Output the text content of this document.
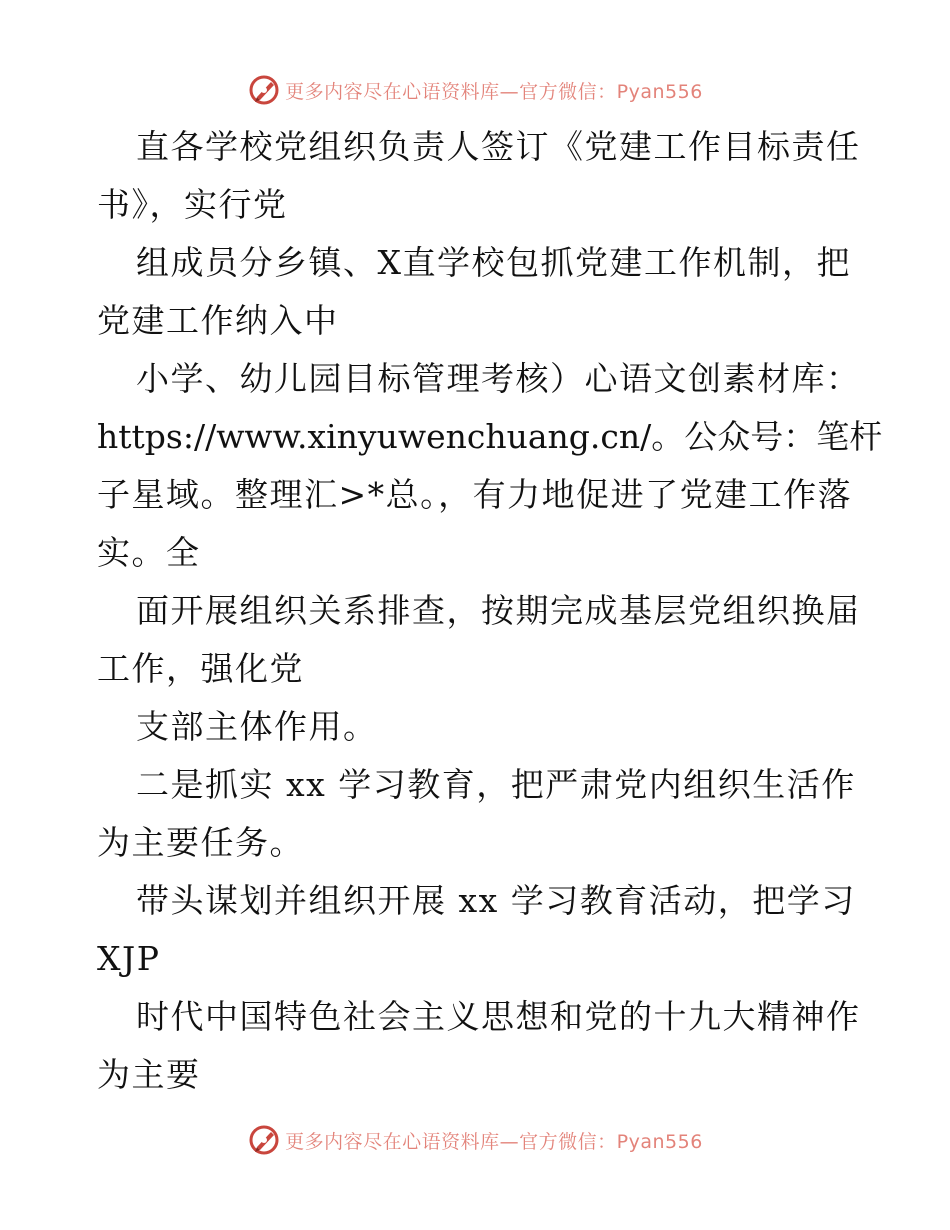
更多内容尽在心语资料库—官方微信：Pyan556
直各学校党组织负责人签订《党建工作目标责任
书》，实行党
组成员分乡镇、X直学校包抓党建工作机制，把
党建工作纳入中
小学、幼儿园目标管理考核）心语文创素材库：
https://www.xinyuwenchuang.cn/。公众号：笔杆
子星域。整理汇>*总。，有力地促进了党建工作落
实。全
面开展组织关系排查，按期完成基层党组织换届
工作，强化党
支部主体作用。
二是抓实 xx 学习教育，把严肃党内组织生活作
为主要任务。
带头谋划并组织开展 xx 学习教育活动，把学习
XJP
时代中国特色社会主义思想和党的十九大精神作
为主要
更多内容尽在心语资料库—官方微信：Pyan556
